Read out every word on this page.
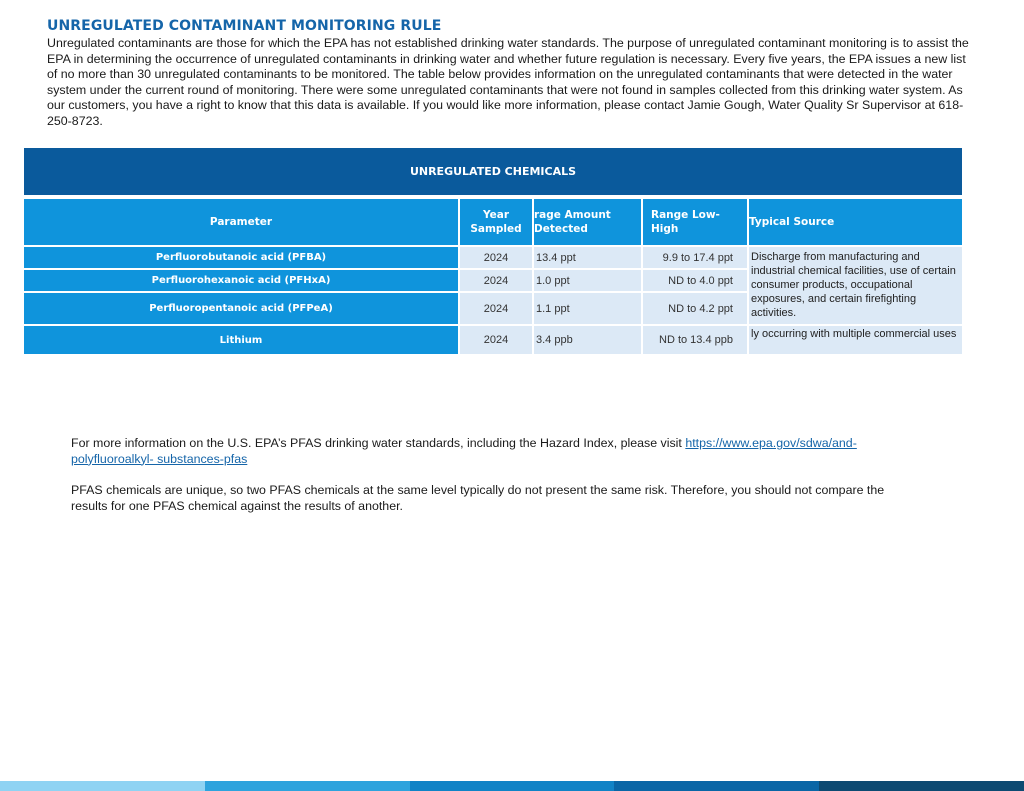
UNREGULATED CONTAMINANT MONITORING RULE

Unregulated contaminants are those for which the EPA has not established drinking water standards. The purpose of unregulated contaminant monitoring is to assist the EPA in determining the occurrence of unregulated contaminants in drinking water and whether future regulation is necessary. Every five years, the EPA issues a new list of no more than 30 unregulated contaminants to be monitored. The table below provides information on the unregulated contaminants that were detected in the water system under the current round of monitoring. There were some unregulated contaminants that were not found in samples collected from this drinking water system. As our customers, you have a right to know that this data is available. If you would like more information, please contact Jamie Gough, Water Quality Sr Supervisor at 618-250-8723.

UNREGULATED CHEMICALS				
Parameter	Year Sampled	rage Amount Detected	Range Low-High	Typical Source
Perfluorobutanoic acid (PFBA)	2024	13.4 ppt	9.9 to 17.4 ppt	Discharge from manufacturing and industrial chemical facilities, use of certain consumer products, occupational exposures, and certain firefighting activities.
Perfluorohexanoic acid (PFHxA)	2024	1.0 ppt	ND to 4.0 ppt	
Perfluoropentanoic acid (PFPeA)	2024	1.1 ppt	ND to 4.2 ppt	
Lithium	2024	3.4 ppb	ND to 13.4 ppb	ly occurring with multiple commercial uses

For more information on the U.S. EPA’s PFAS drinking water standards, including the Hazard Index, please visit https://www.epa.gov/sdwa/and-polyfluoroalkyl- substances-pfas

PFAS chemicals are unique, so two PFAS chemicals at the same level typically do not present the same risk. Therefore, you should not compare the results for one PFAS chemical against the results of another.
